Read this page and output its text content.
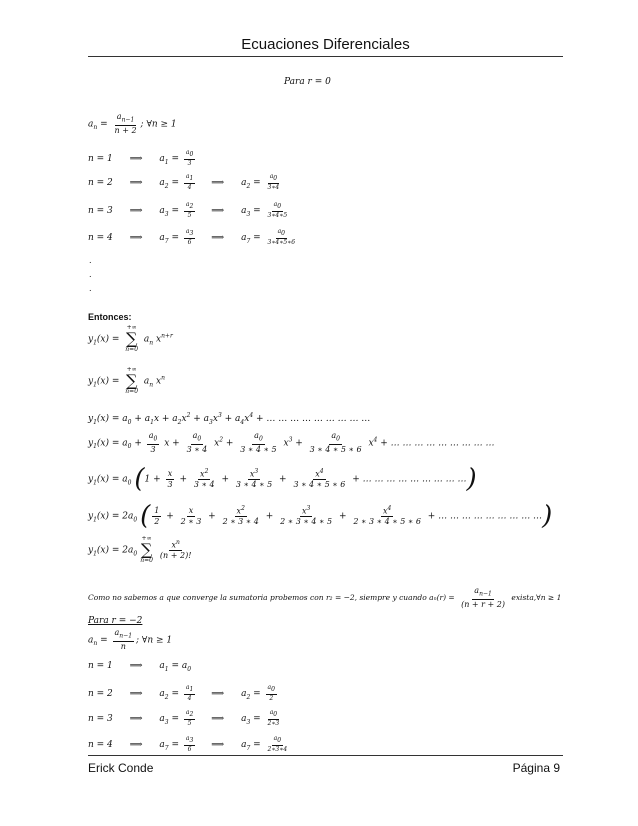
Ecuaciones Diferenciales
Para r = 0
$a_n = \frac{a_{n-1}}{n + 2}$ ; ∀n ≥ 1
n = 1 ⟹ $a_1 = \frac{a_0}{3}$
n = 2 ⟹ $a_2 = \frac{a_1}{4}$ ⟹ $a_2 = \frac{a_0}{3∗4}$
n = 3 ⟹ $a_3 = \frac{a_2}{5}$ ⟹ $a_3 = \frac{a_0}{3∗4∗5}$
n = 4 ⟹ $a_7 = \frac{a_3}{6}$ ⟹ $a_7 = \frac{a_0}{3∗4∗5∗6}$
.
.
.
Entonces:
$y_1(x)$ =
+∞
∑
n=0
$a_n$ $x^{n+r}$
$y_1(x)$ =
+∞
∑
n=0
$a_n$ $x^n$
$y_1(x) = a_0 + a_1x + a_2x^2 + a_3x^3 + a_4x^4$ + … … … … … … … … …
$y_1(x) = a_0 + \frac{a_0}{3}$ $x + \frac{a_0}{3 ∗ 4} x^2 + \frac{a_0}{3 ∗ 4 ∗ 5} x^3 + \frac{a_0}{3 ∗ 4 ∗ 5 ∗ 6} x^4$ + … … … … … … … … …
$y_1(x) = a_0$ ($1 + \frac{x}{3} + \frac{x^2}{3 ∗ 4} + \frac{x^3}{3 ∗ 4 ∗ 5} + \frac{x^4}{3 ∗ 4 ∗ 5 ∗ 6}$ + … … … … … … … … …)
$y_1(x) = 2a_0$ ( $\frac{1}{2} + \frac{x}{2 ∗ 3} + \frac{x^2}{2 ∗ 3 ∗ 4} + \frac{x^3}{2 ∗ 3 ∗ 4 ∗ 5} + \frac{x^4}{2 ∗ 3 ∗ 4 ∗ 5 ∗ 6}$ + … … … … … … … … …)
$y_1(x) = 2a_0$
+∞
∑
n=0
$\frac{x^n}{(n + 2)!}$
Como no sabemos a que converge la sumatoria probemos con r₂ = −2, siempre y cuando $a_n(r) = \frac{a_{n-1}}{(n + r + 2)}$ exista,∀n ≥ 1
Para r = −2
$a_n = \frac{a_{n-1}}{n}$ ; ∀n ≥ 1
n = 1 ⟹ $a_1 = a_0$
n = 2 ⟹ $a_2 = \frac{a_1}{4}$ ⟹ $a_2 = \frac{a_0}{2}$
n = 3 ⟹ $a_3 = \frac{a_2}{5}$ ⟹ $a_3 = \frac{a_0}{2∗3}$
n = 4 ⟹ $a_7 = \frac{a_3}{6}$ ⟹ $a_7 = \frac{a_0}{2∗3∗4}$
Erick Conde	Página 9
